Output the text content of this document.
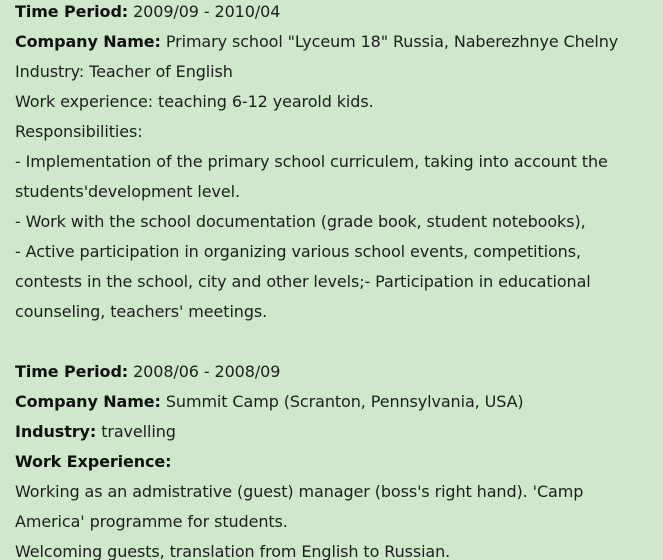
Time Period: 2009/09 - 2010/04

Company Name: Primary school "Lyceum 18" Russia, Naberezhnye Chelny

Industry: Teacher of English

Work experience: teaching 6-12 yearold kids.

Responsibilities:

- Implementation of the primary school curriculem, taking into account the students'development level.

- Work with the school documentation (grade book, student notebooks),

- Active participation in organizing various school events, competitions, contests in the school, city and other levels;- Participation in educational counseling, teachers' meetings.

Time Period: 2008/06 - 2008/09

Company Name: Summit Camp (Scranton, Pennsylvania, USA)

Industry: travelling

Work Experience:

Working as an admistrative (guest) manager (boss's right hand). 'Camp America' programme for students.

Welcoming guests, translation from English to Russian.
